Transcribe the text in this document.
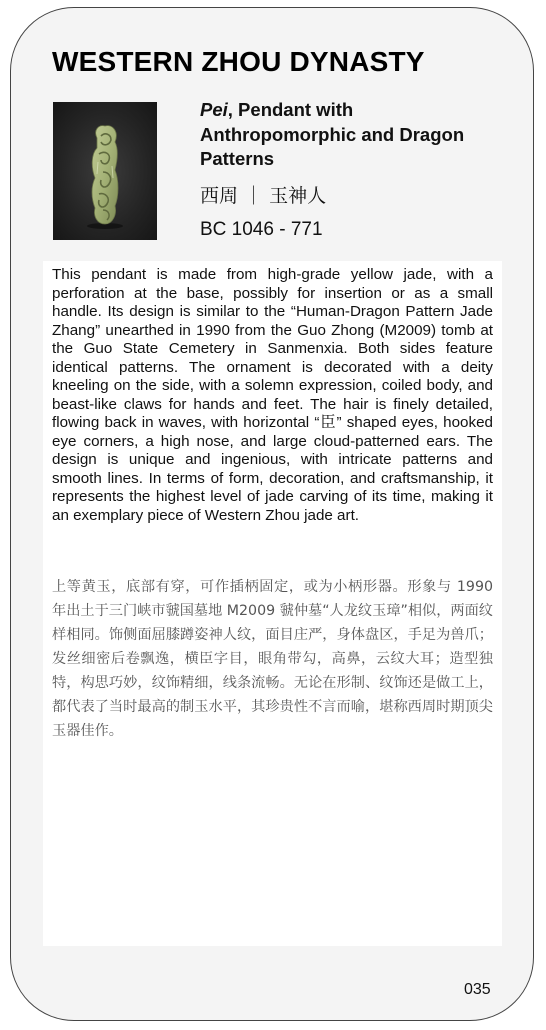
WESTERN ZHOU DYNASTY
Pei, Pendant with Anthropomorphic and Dragon Patterns
西周 ｜ 玉神人
BC 1046 - 771

This pendant is made from high-grade yellow jade, with a perforation at the base, possibly for insertion or as a small handle. Its design is similar to the “Human-Dragon Pattern Jade Zhang” unearthed in 1990 from the Guo Zhong (M2009) tomb at the Guo State Cemetery in Sanmenxia. Both sides feature identical patterns. The ornament is decorated with a deity kneeling on the side, with a solemn expression, coiled body, and beast-like claws for hands and feet. The hair is finely detailed, flowing back in waves, with horizontal “臣” shaped eyes, hooked eye corners, a high nose, and large cloud-patterned ears. The design is unique and ingenious, with intricate patterns and smooth lines. In terms of form, decoration, and craftsmanship, it represents the highest level of jade carving of its time, making it an exemplary piece of Western Zhou jade art.

上等黄玉，底部有穿，可作插柄固定，或为小柄形器。形象与 1990 年出土于三门峡市虢国墓地 M2009 虢仲墓“人龙纹玉璋”相似，两面纹样相同。饰侧面屈膝蹲姿神人纹，面目庄严，身体盘区，手足为兽爪；发丝细密后卷飘逸，横臣字目，眼角带勾，高鼻，云纹大耳；造型独特，构思巧妙，纹饰精细，线条流畅。无论在形制、纹饰还是做工上，都代表了当时最高的制玉水平，其珍贵性不言而喻，堪称西周时期顶尖玉器佳作。

035
